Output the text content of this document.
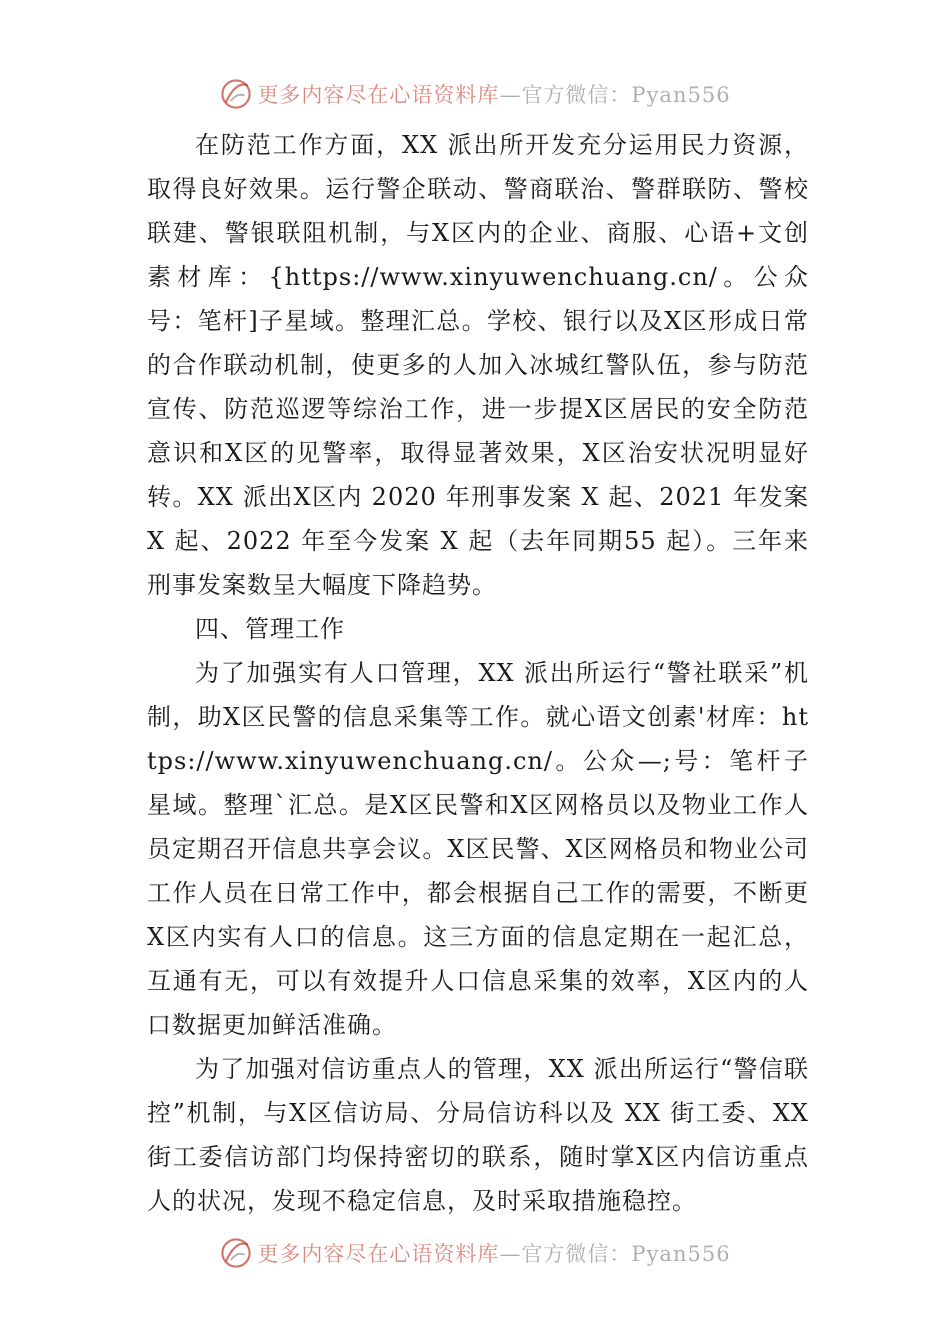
更多内容尽在心语资料库—官方微信：Pyan556

在防范工作方面，XX 派出所开发充分运用民力资源，取得良好效果。运行警企联动、警商联治、警群联防、警校联建、警银联阻机制，与X区内的企业、商服、心语+文创素材库：{https://www.xinyuwenchuang.cn/。公众号：笔杆]子星域。整理汇总。学校、银行以及X区形成日常的合作联动机制，使更多的人加入冰城红警队伍，参与防范宣传、防范巡逻等综治工作，进一步提X区居民的安全防范意识和X区的见警率，取得显著效果，X区治安状况明显好转。XX 派出X区内 2020 年刑事发案 X 起、2021 年发案 X 起、2022 年至今发案 X 起（去年同期55 起）。三年来刑事发案数呈大幅度下降趋势。

四、管理工作

为了加强实有人口管理，XX 派出所运行“警社联采”机制，助X区民警的信息采集等工作。就心语文创素'材库：https://www.xinyuwenchuang.cn/。公众—;号：笔杆子星域。整理`汇总。是X区民警和X区网格员以及物业工作人员定期召开信息共享会议。X区民警、X区网格员和物业公司工作人员在日常工作中，都会根据自己工作的需要，不断更X区内实有人口的信息。这三方面的信息定期在一起汇总，互通有无，可以有效提升人口信息采集的效率，X区内的人口数据更加鲜活准确。

为了加强对信访重点人的管理，XX 派出所运行“警信联控”机制，与X区信访局、分局信访科以及 XX 街工委、XX 街工委信访部门均保持密切的联系，随时掌X区内信访重点人的状况，发现不稳定信息，及时采取措施稳控。

更多内容尽在心语资料库—官方微信：Pyan556
